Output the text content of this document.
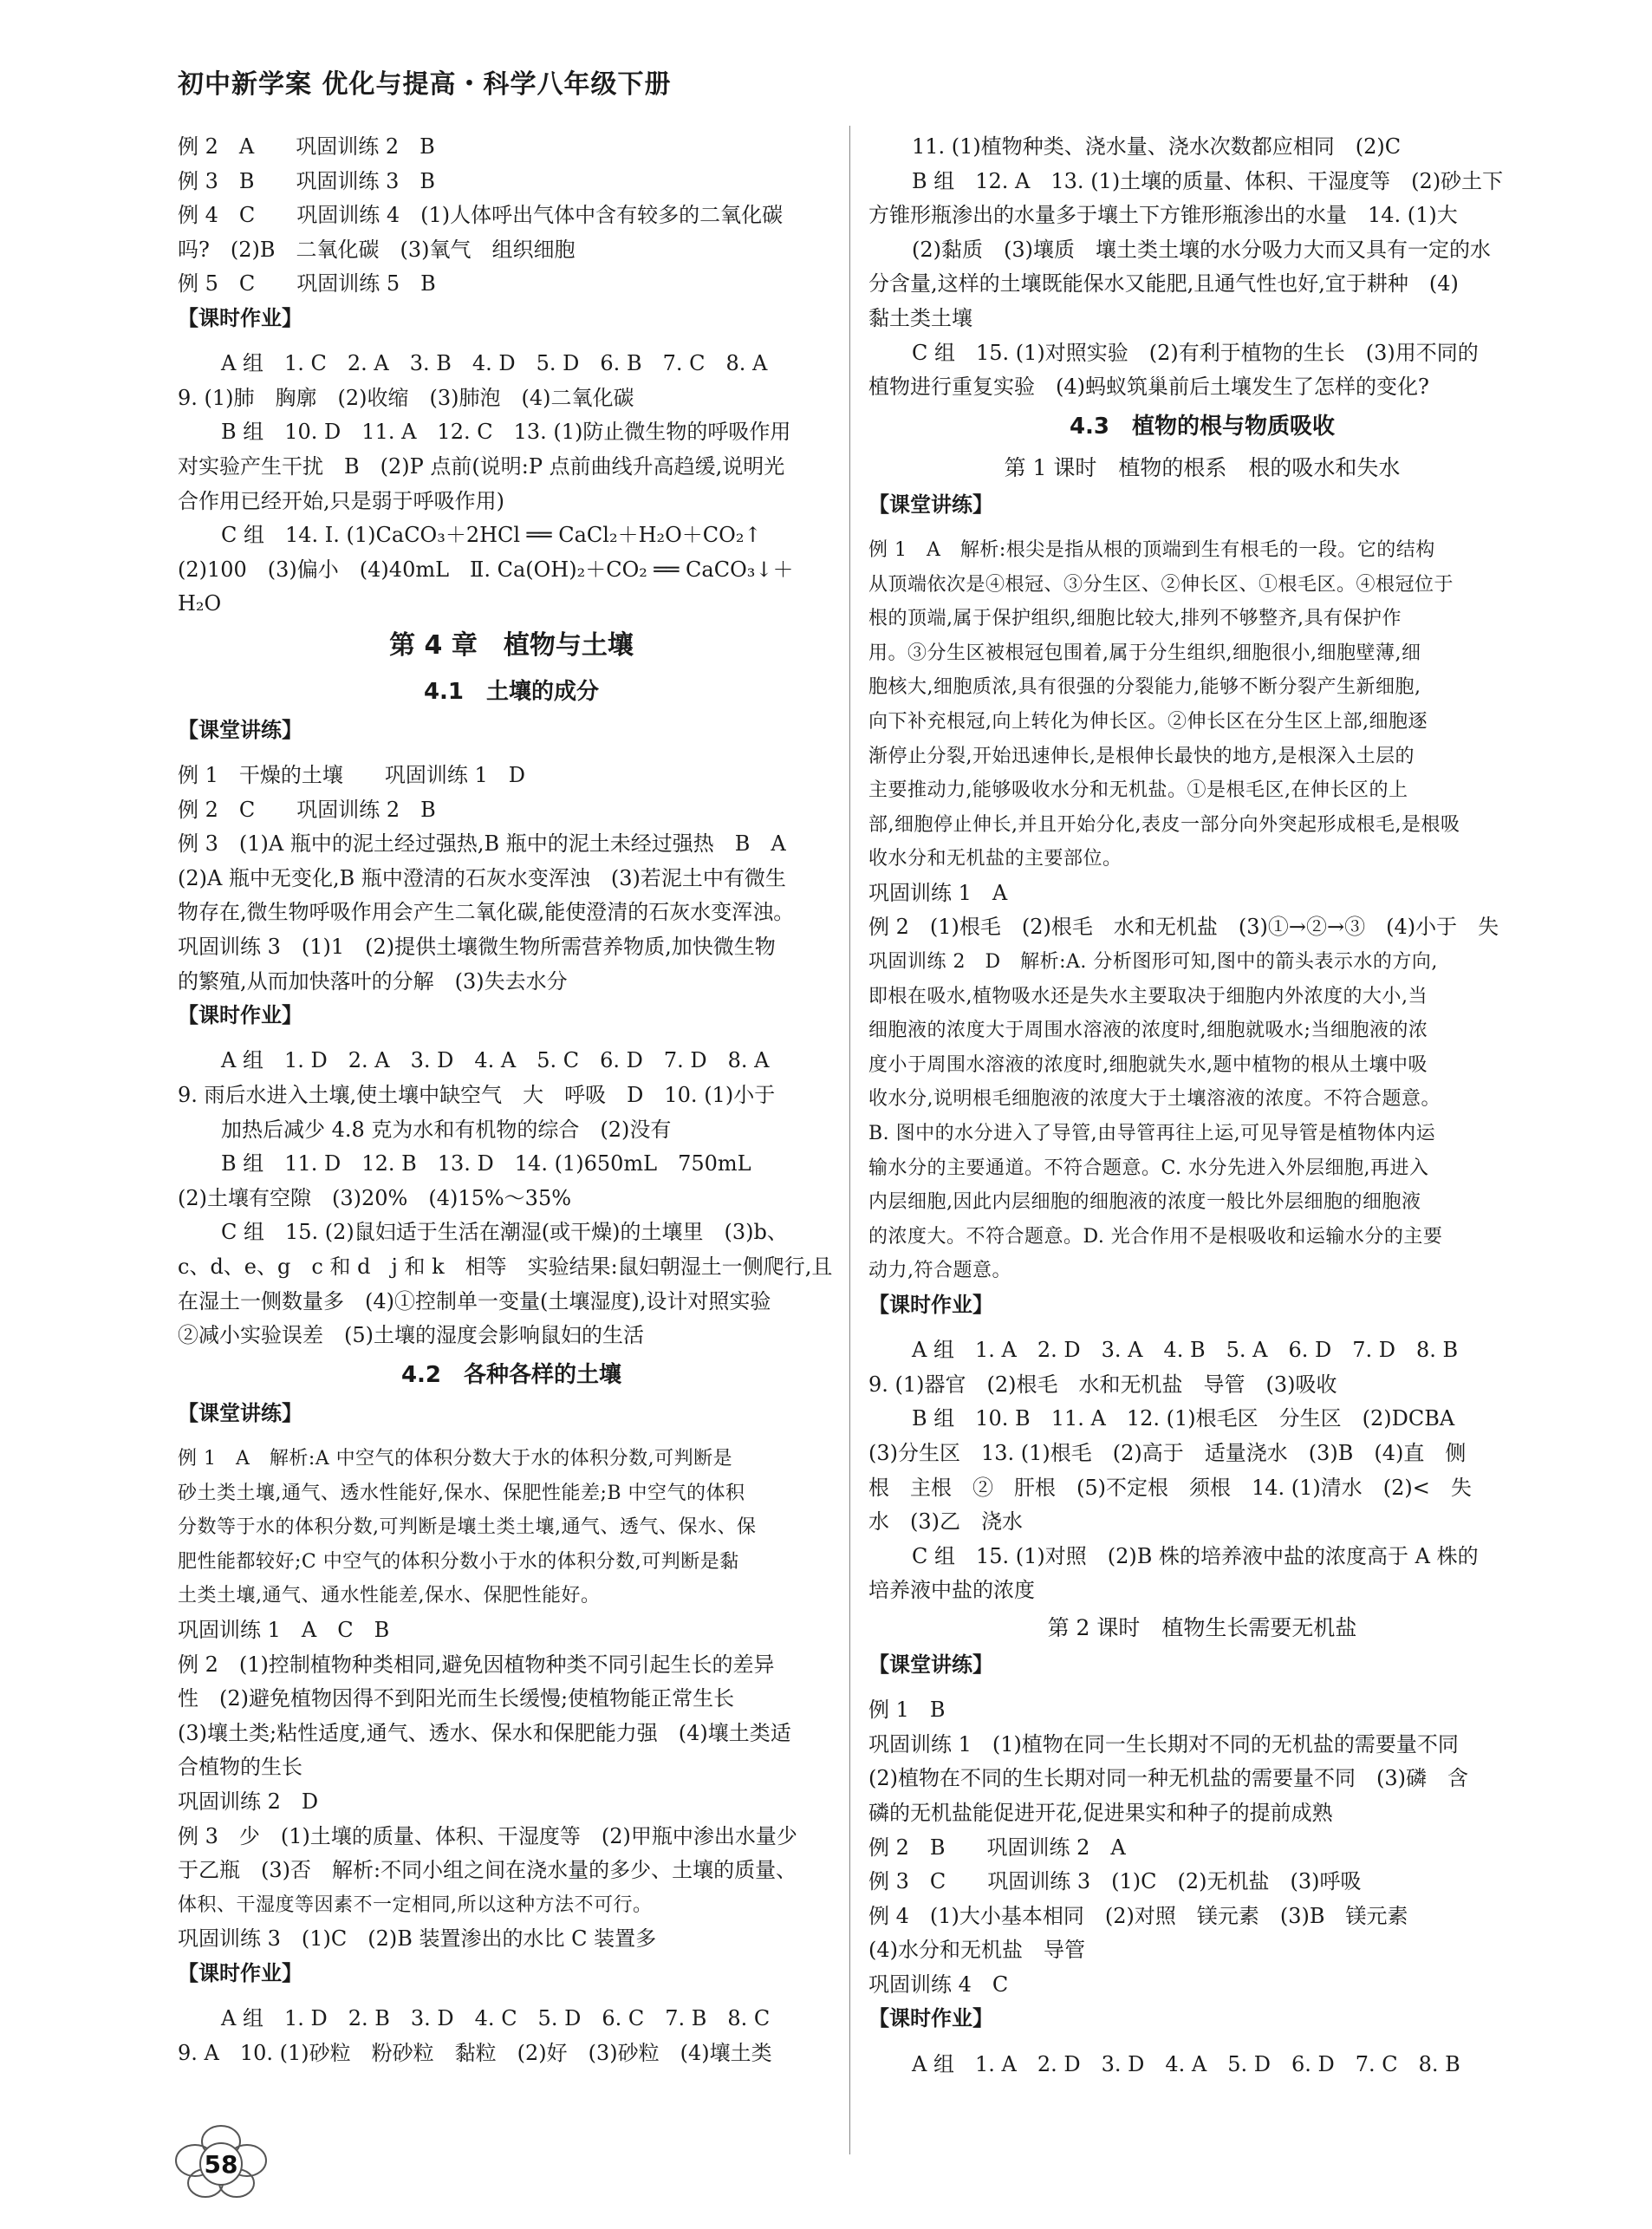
初中新学案 优化与提高・科学八年级下册
例 2　A　　巩固训练 2　B
例 3　B　　巩固训练 3　B
例 4　C　　巩固训练 4　(1)人体呼出气体中含有较多的二氧化碳
吗?　(2)B　二氧化碳　(3)氧气　组织细胞
例 5　C　　巩固训练 5　B
【课时作业】
A 组　1. C　2. A　3. B　4. D　5. D　6. B　7. C　8. A
9. (1)肺　胸廓　(2)收缩　(3)肺泡　(4)二氧化碳
B 组　10. D　11. A　12. C　13. (1)防止微生物的呼吸作用
对实验产生干扰　B　(2)P 点前(说明:P 点前曲线升高趋缓,说明光
合作用已经开始,只是弱于呼吸作用)
C 组　14. Ⅰ. (1)CaCO₃＋2HCl ══ CaCl₂＋H₂O＋CO₂↑
(2)100　(3)偏小　(4)40mL　Ⅱ. Ca(OH)₂＋CO₂ ══ CaCO₃↓＋
H₂O
第 4 章　植物与土壤
4.1　土壤的成分
【课堂讲练】
例 1　干燥的土壤　　巩固训练 1　D
例 2　C　　巩固训练 2　B
例 3　(1)A 瓶中的泥土经过强热,B 瓶中的泥土未经过强热　B　A
(2)A 瓶中无变化,B 瓶中澄清的石灰水变浑浊　(3)若泥土中有微生
物存在,微生物呼吸作用会产生二氧化碳,能使澄清的石灰水变浑浊。
巩固训练 3　(1)1　(2)提供土壤微生物所需营养物质,加快微生物
的繁殖,从而加快落叶的分解　(3)失去水分
【课时作业】
A 组　1. D　2. A　3. D　4. A　5. C　6. D　7. D　8. A
9. 雨后水进入土壤,使土壤中缺空气　大　呼吸　D　10. (1)小于
加热后减少 4.8 克为水和有机物的综合　(2)没有
B 组　11. D　12. B　13. D　14. (1)650mL　750mL
(2)土壤有空隙　(3)20%　(4)15%～35%
C 组　15. (2)鼠妇适于生活在潮湿(或干燥)的土壤里　(3)b、
c、d、e、g　c 和 d　j 和 k　相等　实验结果:鼠妇朝湿土一侧爬行,且
在湿土一侧数量多　(4)①控制单一变量(土壤湿度),设计对照实验
②减小实验误差　(5)土壤的湿度会影响鼠妇的生活
4.2　各种各样的土壤
【课堂讲练】
例 1　A　解析:A 中空气的体积分数大于水的体积分数,可判断是
砂土类土壤,通气、透水性能好,保水、保肥性能差;B 中空气的体积
分数等于水的体积分数,可判断是壤土类土壤,通气、透气、保水、保
肥性能都较好;C 中空气的体积分数小于水的体积分数,可判断是黏
土类土壤,通气、通水性能差,保水、保肥性能好。
巩固训练 1　A　C　B
例 2　(1)控制植物种类相同,避免因植物种类不同引起生长的差异
性　(2)避免植物因得不到阳光而生长缓慢;使植物能正常生长
(3)壤土类;粘性适度,通气、透水、保水和保肥能力强　(4)壤土类适
合植物的生长
巩固训练 2　D
例 3　少　(1)土壤的质量、体积、干湿度等　(2)甲瓶中渗出水量少
于乙瓶　(3)否　解析:不同小组之间在浇水量的多少、土壤的质量、
体积、干湿度等因素不一定相同,所以这种方法不可行。
巩固训练 3　(1)C　(2)B 装置渗出的水比 C 装置多
【课时作业】
A 组　1. D　2. B　3. D　4. C　5. D　6. C　7. B　8. C
9. A　10. (1)砂粒　粉砂粒　黏粒　(2)好　(3)砂粒　(4)壤土类
11. (1)植物种类、浇水量、浇水次数都应相同　(2)C
B 组　12. A　13. (1)土壤的质量、体积、干湿度等　(2)砂土下
方锥形瓶渗出的水量多于壤土下方锥形瓶渗出的水量　14. (1)大
(2)黏质　(3)壤质　壤土类土壤的水分吸力大而又具有一定的水
分含量,这样的土壤既能保水又能肥,且通气性也好,宜于耕种　(4)
黏土类土壤
C 组　15. (1)对照实验　(2)有利于植物的生长　(3)用不同的
植物进行重复实验　(4)蚂蚁筑巢前后土壤发生了怎样的变化?
4.3　植物的根与物质吸收
第 1 课时　植物的根系　根的吸水和失水
【课堂讲练】
例 1　A　解析:根尖是指从根的顶端到生有根毛的一段。它的结构
从顶端依次是④根冠、③分生区、②伸长区、①根毛区。④根冠位于
根的顶端,属于保护组织,细胞比较大,排列不够整齐,具有保护作
用。③分生区被根冠包围着,属于分生组织,细胞很小,细胞壁薄,细
胞核大,细胞质浓,具有很强的分裂能力,能够不断分裂产生新细胞,
向下补充根冠,向上转化为伸长区。②伸长区在分生区上部,细胞逐
渐停止分裂,开始迅速伸长,是根伸长最快的地方,是根深入土层的
主要推动力,能够吸收水分和无机盐。①是根毛区,在伸长区的上
部,细胞停止伸长,并且开始分化,表皮一部分向外突起形成根毛,是根吸
收水分和无机盐的主要部位。
巩固训练 1　A
例 2　(1)根毛　(2)根毛　水和无机盐　(3)①→②→③　(4)小于　失
巩固训练 2　D　解析:A. 分析图形可知,图中的箭头表示水的方向,
即根在吸水,植物吸水还是失水主要取决于细胞内外浓度的大小,当
细胞液的浓度大于周围水溶液的浓度时,细胞就吸水;当细胞液的浓
度小于周围水溶液的浓度时,细胞就失水,题中植物的根从土壤中吸
收水分,说明根毛细胞液的浓度大于土壤溶液的浓度。不符合题意。
B. 图中的水分进入了导管,由导管再往上运,可见导管是植物体内运
输水分的主要通道。不符合题意。C. 水分先进入外层细胞,再进入
内层细胞,因此内层细胞的细胞液的浓度一般比外层细胞的细胞液
的浓度大。不符合题意。D. 光合作用不是根吸收和运输水分的主要
动力,符合题意。
【课时作业】
A 组　1. A　2. D　3. A　4. B　5. A　6. D　7. D　8. B
9. (1)器官　(2)根毛　水和无机盐　导管　(3)吸收
B 组　10. B　11. A　12. (1)根毛区　分生区　(2)DCBA
(3)分生区　13. (1)根毛　(2)高于　适量浇水　(3)B　(4)直　侧
根　主根　②　肝根　(5)不定根　须根　14. (1)清水　(2)<　失
水　(3)乙　浇水
C 组　15. (1)对照　(2)B 株的培养液中盐的浓度高于 A 株的
培养液中盐的浓度
第 2 课时　植物生长需要无机盐
【课堂讲练】
例 1　B
巩固训练 1　(1)植物在同一生长期对不同的无机盐的需要量不同
(2)植物在不同的生长期对同一种无机盐的需要量不同　(3)磷　含
磷的无机盐能促进开花,促进果实和种子的提前成熟
例 2　B　　巩固训练 2　A
例 3　C　　巩固训练 3　(1)C　(2)无机盐　(3)呼吸
例 4　(1)大小基本相同　(2)对照　镁元素　(3)B　镁元素
(4)水分和无机盐　导管
巩固训练 4　C
【课时作业】
A 组　1. A　2. D　3. D　4. A　5. D　6. D　7. C　8. B
58
